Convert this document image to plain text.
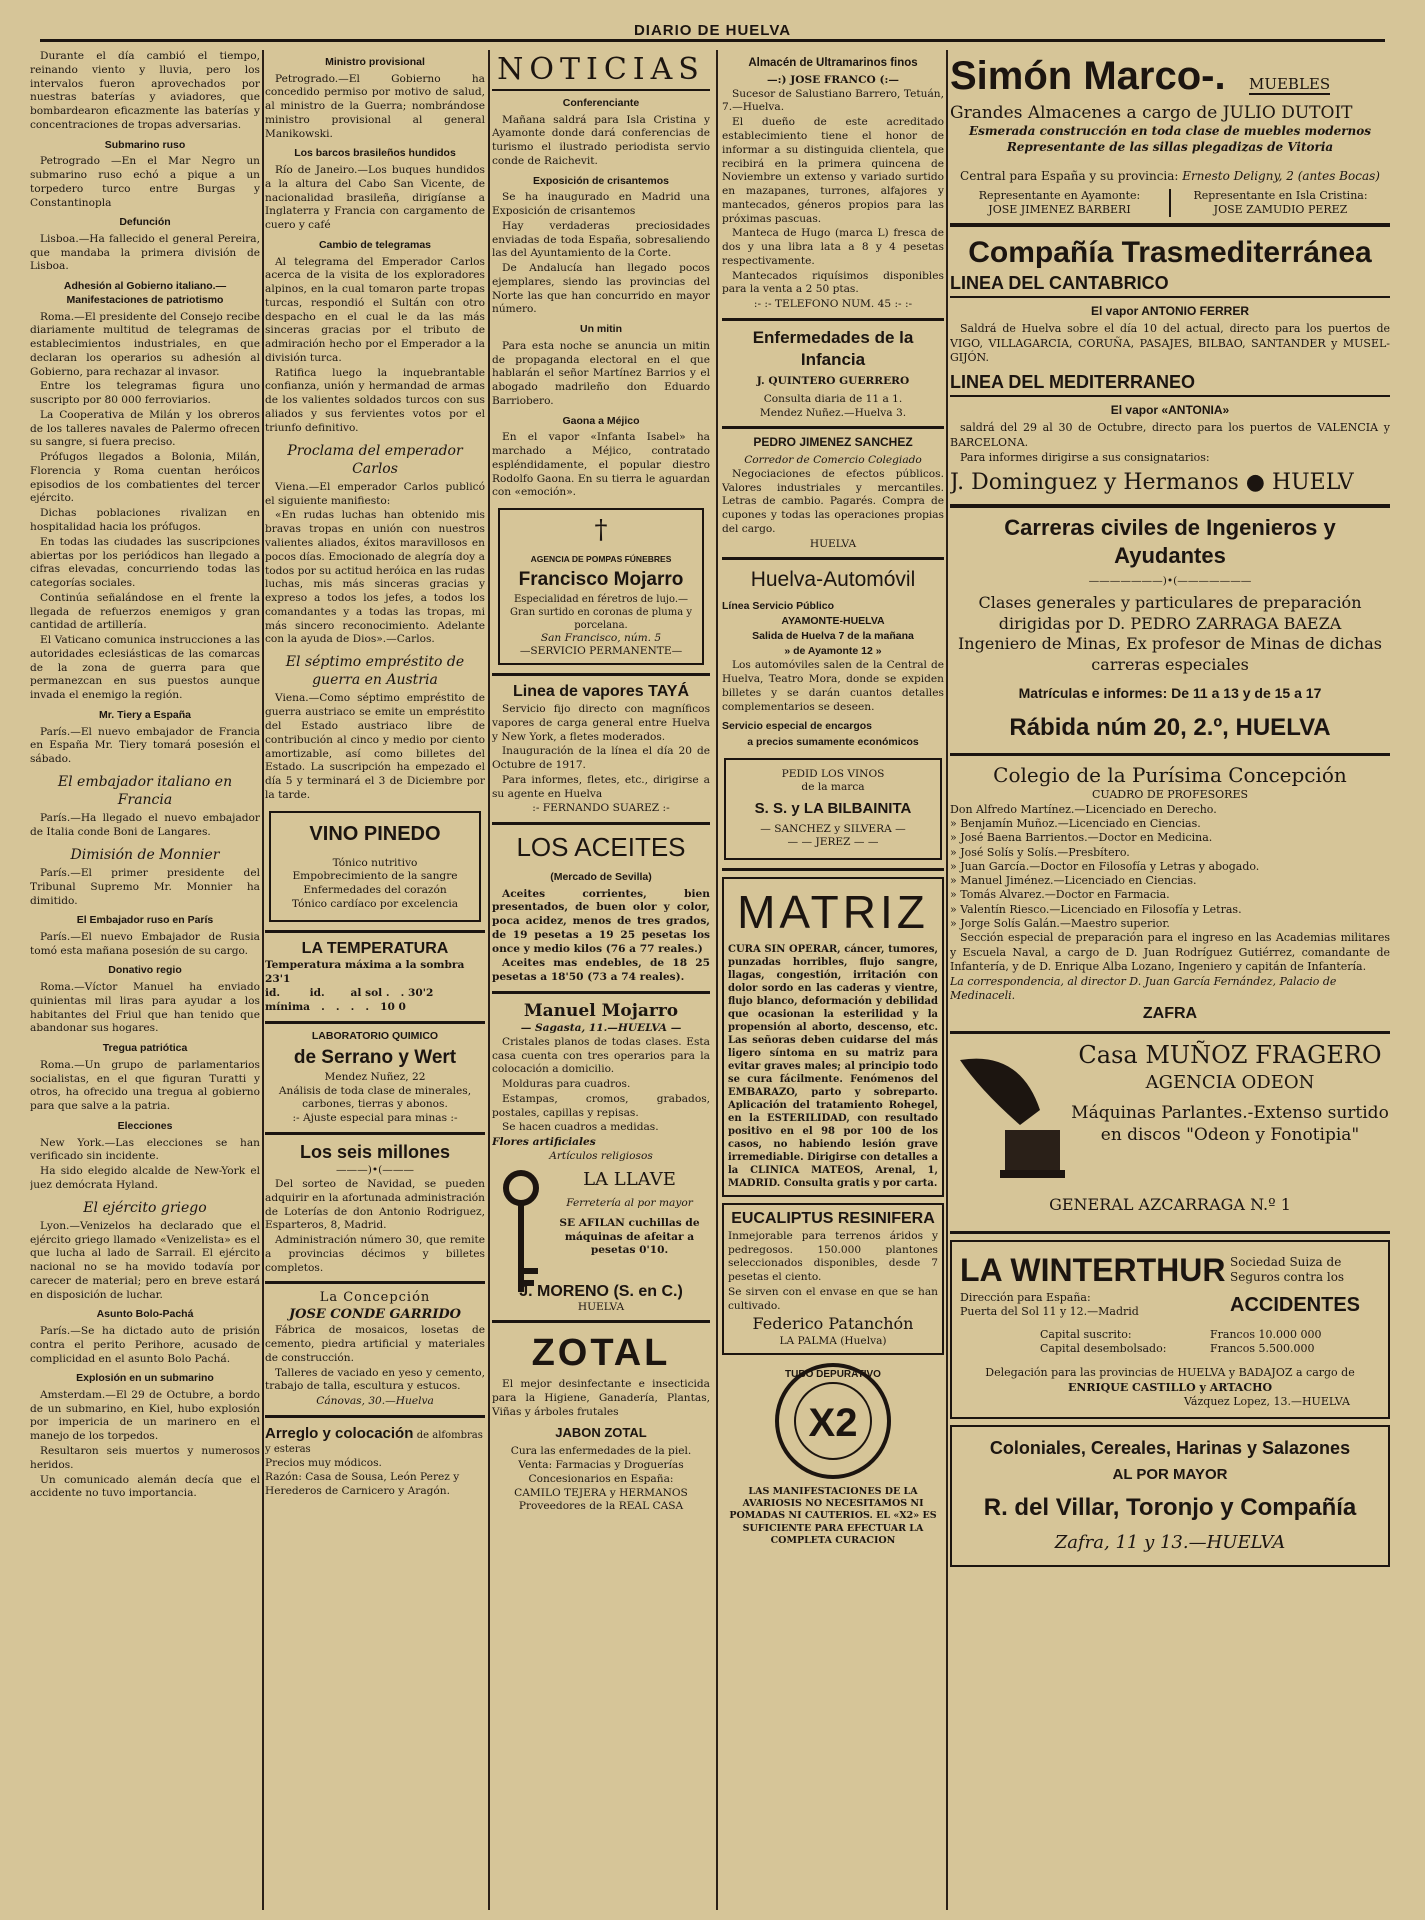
DIARIO DE HUELVA

Durante el día cambió el tiempo, reinando viento y lluvia, pero los intervalos fueron aprovechados por nuestras baterías y aviadores, que bombardearon eficazmente las baterías y concentraciones de tropas adversarias.

Submarino ruso

Petrogrado —En el Mar Negro un submarino ruso echó a pique a un torpedero turco entre Burgas y Constantinopla

Defunción

Lisboa.—Ha fallecido el general Pereira, que mandaba la primera división de Lisboa.

Adhesión al Gobierno italiano.—Manifestaciones de patriotismo

Roma.—El presidente del Consejo recibe diariamente multitud de telegramas de establecimientos industriales, en que declaran los operarios su adhesión al Gobierno, para rechazar al invasor.

Entre los telegramas figura uno suscripto por 80 000 ferroviarios.

La Cooperativa de Milán y los obreros de los talleres navales de Palermo ofrecen su sangre, si fuera preciso.

Prófugos llegados a Bolonia, Milán, Florencia y Roma cuentan heróicos episodios de los combatientes del tercer ejército.

Dichas poblaciones rivalizan en hospitalidad hacia los prófugos.

En todas las ciudades las suscripciones abiertas por los periódicos han llegado a cifras elevadas, concurriendo todas las categorías sociales.

Continúa señalándose en el frente la llegada de refuerzos enemigos y gran cantidad de artillería.

El Vaticano comunica instrucciones a las autoridades eclesiásticas de las comarcas de la zona de guerra para que permanezcan en sus puestos aunque invada el enemigo la región.

Mr. Tiery a España

París.—El nuevo embajador de Francia en España Mr. Tiery tomará posesión el sábado.

El embajador italiano en Francia

París.—Ha llegado el nuevo embajador de Italia conde Boni de Langares.

Dimisión de Monnier

París.—El primer presidente del Tribunal Supremo Mr. Monnier ha dimitido.

El Embajador ruso en París

París.—El nuevo Embajador de Rusia tomó esta mañana posesión de su cargo.

Donativo regio

Roma.—Víctor Manuel ha enviado quinientas mil liras para ayudar a los habitantes del Friul que han tenido que abandonar sus hogares.

Tregua patriótica

Roma.—Un grupo de parlamentarios socialistas, en el que figuran Turatti y otros, ha ofrecido una tregua al gobierno para que salve a la patria.

Elecciones

New York.—Las elecciones se han verificado sin incidente.

Ha sido elegido alcalde de New-York el juez demócrata Hyland.

El ejército griego

Lyon.—Venizelos ha declarado que el ejército griego llamado «Venizelista» es el que lucha al lado de Sarrail. El ejército nacional no se ha movido todavía por carecer de material; pero en breve estará en disposición de luchar.

Asunto Bolo-Pachá

París.—Se ha dictado auto de prisión contra el perito Perihore, acusado de complicidad en el asunto Bolo Pachá.

Explosión en un submarino

Amsterdam.—El 29 de Octubre, a bordo de un submarino, en Kiel, hubo explosión por impericia de un marinero en el manejo de los torpedos.

Resultaron seis muertos y numerosos heridos.

Un comunicado alemán decía que el accidente no tuvo importancia.

Ministro provisional

Petrogrado.—El Gobierno ha concedido permiso por motivo de salud, al ministro de la Guerra; nombrándose ministro provisional al general Manikowski.

Los barcos brasileños hundidos

Río de Janeiro.—Los buques hundidos a la altura del Cabo San Vicente, de nacionalidad brasileña, dirigíanse a Inglaterra y Francia con cargamento de cuero y café

Cambio de telegramas

Al telegrama del Emperador Carlos acerca de la visita de los exploradores alpinos, en la cual tomaron parte tropas turcas, respondió el Sultán con otro despacho en el cual le da las más sinceras gracias por el tributo de admiración hecho por el Emperador a la división turca.

Ratifica luego la inquebrantable confianza, unión y hermandad de armas de los valientes soldados turcos con sus aliados y sus fervientes votos por el triunfo definitivo.

Proclama del emperador Carlos

Viena.—El emperador Carlos publicó el siguiente manifiesto:

«En rudas luchas han obtenido mis bravas tropas en unión con nuestros valientes aliados, éxitos maravillosos en pocos días. Emocionado de alegría doy a todos por su actitud heróica en las rudas luchas, mis más sinceras gracias y expreso a todos los jefes, a todos los comandantes y a todas las tropas, mi más sincero reconocimiento. Adelante con la ayuda de Dios».—Carlos.

El séptimo empréstito de guerra en Austria

Viena.—Como séptimo empréstito de guerra austriaco se emite un empréstito del Estado austriaco libre de contribución al cinco y medio por ciento amortizable, así como billetes del Estado. La suscripción ha empezado el día 5 y terminará el 3 de Diciembre por la tarde.

VINO PINEDO
Tónico nutritivo
Empobrecimiento de la sangre
Enfermedades del corazón
Tónico cardíaco por excelencia
LA TEMPERATURA
Temperatura máxima a la sombra 23'1
id.        id.       al sol .   . 30'2
mínima   .   .   .   .   10 0
LABORATORIO QUIMICO
de Serrano y Wert
Mendez Nuñez, 22
Análisis de toda clase de minerales, carbones, tierras y abonos.
:- Ajuste especial para minas :-
Los seis millones
———)•(———

Del sorteo de Navidad, se pueden adquirir en la afortunada administración de Loterías de don Antonio Rodriguez, Esparteros, 8, Madrid.

Administración número 30, que remite a provincias décimos y billetes completos.

La Concepción
JOSE CONDE GARRIDO

Fábrica de mosaicos, losetas de cemento, piedra artificial y materiales de construcción.

Talleres de vaciado en yeso y cemento, trabajo de talla, escultura y estucos.

Cánovas, 30.—Huelva
Arreglo y colocación de alfombras y esteras
Precios muy módicos.
Razón: Casa de Sousa, León Perez y Herederos de Carnicero y Aragón.
NOTICIAS
Conferenciante

Mañana saldrá para Isla Cristina y Ayamonte donde dará conferencias de turismo el ilustrado periodista servio conde de Raichevit.

Exposición de crisantemos

Se ha inaugurado en Madrid una Exposición de crisantemos

Hay verdaderas preciosidades enviadas de toda España, sobresaliendo las del Ayuntamiento de la Corte.

De Andalucía han llegado pocos ejemplares, siendo las provincias del Norte las que han concurrido en mayor número.

Un mitin

Para esta noche se anuncia un mitin de propaganda electoral en el que hablarán el señor Martínez Barrios y el abogado madrileño don Eduardo Barriobero.

Gaona a Méjico

En el vapor «Infanta Isabel» ha marchado a Méjico, contratado espléndidamente, el popular diestro Rodolfo Gaona. En su tierra le aguardan con «emoción».

†
AGENCIA DE POMPAS FÚNEBRES
Francisco Mojarro
Especialidad en féretros de lujo.—Gran surtido en coronas de pluma y porcelana.
San Francisco, núm. 5
—SERVICIO PERMANENTE—
Linea de vapores TAYÁ

Servicio fijo directo con magníficos vapores de carga general entre Huelva y New York, a fletes moderados.

Inauguración de la línea el día 20 de Octubre de 1917.

Para informes, fletes, etc., dirigirse a su agente en Huelva

:- FERNANDO SUAREZ :-
LOS ACEITES
(Mercado de Sevilla)

Aceites corrientes, bien presentados, de buen olor y color, poca acidez, menos de tres grados, de 19 pesetas a 19 25 pesetas los once y medio kilos (76 a 77 reales.)

Aceites mas endebles, de 18 25 pesetas a 18'50 (73 a 74 reales).

Manuel Mojarro
— Sagasta, 11.—HUELVA —

Cristales planos de todas clases. Esta casa cuenta con tres operarios para la colocación a domicilio.

Molduras para cuadros.

Estampas, cromos, grabados, postales, capillas y repisas.

Se hacen cuadros a medidas.

Flores artificiales
Artículos religiosos
LA LLAVE
Ferretería al por mayor
SE AFILAN cuchillas de máquinas de afeitar a pesetas 0'10.
J. MORENO (S. en C.)
HUELVA
ZOTAL

El mejor desinfectante e insecticida para la Higiene, Ganadería, Plantas, Viñas y árboles frutales

JABON ZOTAL
Cura las enfermedades de la piel.
Venta: Farmacias y Droguerías
Concesionarios en España:
CAMILO TEJERA y HERMANOS
Proveedores de la REAL CASA
Almacén de Ultramarinos finos
—:) JOSE FRANCO (:—

Sucesor de Salustiano Barrero, Tetuán, 7.—Huelva.

El dueño de este acreditado establecimiento tiene el honor de informar a su distinguida clientela, que recibirá en la primera quincena de Noviembre un extenso y variado surtido en mazapanes, turrones, alfajores y mantecados, géneros propios para las próximas pascuas.

Manteca de Hugo (marca L) fresca de dos y una libra lata a 8 y 4 pesetas respectivamente.

Mantecados riquísimos disponibles para la venta a 2 50 ptas.

:- :- TELEFONO NUM. 45 :- :-
Enfermedades de la Infancia
J. QUINTERO GUERRERO
Consulta diaria de 11 a 1.
Mendez Nuñez.—Huelva 3.
PEDRO JIMENEZ SANCHEZ
Corredor de Comercio Colegiado

Negociaciones de efectos públicos. Valores industriales y mercantiles. Letras de cambio. Pagarés. Compra de cupones y todas las operaciones propias del cargo.

HUELVA
Huelva-Automóvil
Línea Servicio Público
AYAMONTE-HUELVA
Salida de Huelva 7 de la mañana
» de Ayamonte 12 »

Los automóviles salen de la Central de Huelva, Teatro Mora, donde se expiden billetes y se darán cuantos detalles complementarios se deseen.

Servicio especial de encargos
a precios sumamente económicos
PEDID LOS VINOS
de la marca
S. S. y LA BILBAINITA
— SANCHEZ y SILVERA —
— — JEREZ — —
MATRIZ

CURA SIN OPERAR, cáncer, tumores, punzadas horribles, flujo sangre, llagas, congestión, irritación con dolor sordo en las caderas y vientre, flujo blanco, deformación y debilidad que ocasionan la esterilidad y la propensión al aborto, descenso, etc. Las señoras deben cuidarse del más ligero síntoma en su matriz para evitar graves males; al principio todo se cura fácilmente. Fenómenos del EMBARAZO, parto y sobreparto. Aplicación del tratamiento Rohegel, en la ESTERILIDAD, con resultado positivo en el 98 por 100 de los casos, no habiendo lesión grave irremediable. Dirigirse con detalles a la CLINICA MATEOS, Arenal, 1, MADRID. Consulta gratis y por carta.

EUCALIPTUS RESINIFERA

Inmejorable para terrenos áridos y pedregosos. 150.000 plantones seleccionados disponibles, desde 7 pesetas el ciento.

Se sirven con el envase en que se han cultivado.

Federico Patanchón
LA PALMA (Huelva)
X2
TUBO DEPURATIVO
LAS MANIFESTACIONES DE LA AVARIOSIS NO NECESITAMOS NI POMADAS NI CAUTERIOS. EL «X2» ES SUFICIENTE PARA EFECTUAR LA COMPLETA CURACION
Simón Marco-. MUEBLES
Grandes Almacenes a cargo de JULIO DUTOIT
Esmerada construcción en toda clase de muebles modernos
Representante de las sillas plegadizas de Vitoria
Central para España y su provincia: Ernesto Deligny, 2 (antes Bocas)
Representante en Ayamonte:
JOSE JIMENEZ BARBERI
Representante en Isla Cristina:
JOSE ZAMUDIO PEREZ
Compañía Trasmediterránea
LINEA DEL CANTABRICO
El vapor ANTONIO FERRER

Saldrá de Huelva sobre el día 10 del actual, directo para los puertos de VIGO, VILLAGARCIA, CORUÑA, PASAJES, BILBAO, SANTANDER y MUSEL-GIJÓN.

LINEA DEL MEDITERRANEO
El vapor «ANTONIA»

saldrá del 29 al 30 de Octubre, directo para los puertos de VALENCIA y BARCELONA.

Para informes dirigirse a sus consignatarios:

J. Dominguez y Hermanos ● HUELV
Carreras civiles de Ingenieros y Ayudantes
———————)•(———————
Clases generales y particulares de preparación dirigidas por D. PEDRO ZARRAGA BAEZA
Ingeniero de Minas, Ex profesor de Minas de dichas carreras especiales
Matrículas e informes: De 11 a 13 y de 15 a 17
Rábida núm 20, 2.º, HUELVA
Colegio de la Purísima Concepción
CUADRO DE PROFESORES
Don Alfredo Martínez.—Licenciado en Derecho.
» Benjamín Muñoz.—Licenciado en Ciencias.
» José Baena Barrientos.—Doctor en Medicina.
» José Solís y Solís.—Presbítero.
» Juan García.—Doctor en Filosofía y Letras y abogado.
» Manuel Jiménez.—Licenciado en Ciencias.
» Tomás Alvarez.—Doctor en Farmacia.
» Valentín Riesco.—Licenciado en Filosofía y Letras.
» Jorge Solís Galán.—Maestro superior.

Sección especial de preparación para el ingreso en las Academias militares y Escuela Naval, a cargo de D. Juan Rodríguez Gutiérrez, comandante de Infantería, y de D. Enrique Alba Lozano, Ingeniero y capitán de Infantería.

La correspondencia, al director D. Juan García Fernández, Palacio de Medinaceli.
ZAFRA
Casa MUÑOZ FRAGERO
AGENCIA ODEON
Máquinas Parlantes.-Extenso surtido
en discos "Odeon y Fonotipia"
GENERAL AZCARRAGA N.º 1
LA WINTERTHUR Sociedad Suiza de Seguros contra los
Dirección para España:
Puerta del Sol 11 y 12.—Madrid	ACCIDENTES
Capital suscrito:	Francos 10.000 000
Capital desembolsado:	Francos 5.500.000
Delegación para las provincias de HUELVA y BADAJOZ a cargo de
ENRIQUE CASTILLO y ARTACHO
Vázquez Lopez, 13.—HUELVA
Coloniales, Cereales, Harinas y Salazones
AL POR MAYOR
R. del Villar, Toronjo y Compañía
Zafra, 11 y 13.—HUELVA
